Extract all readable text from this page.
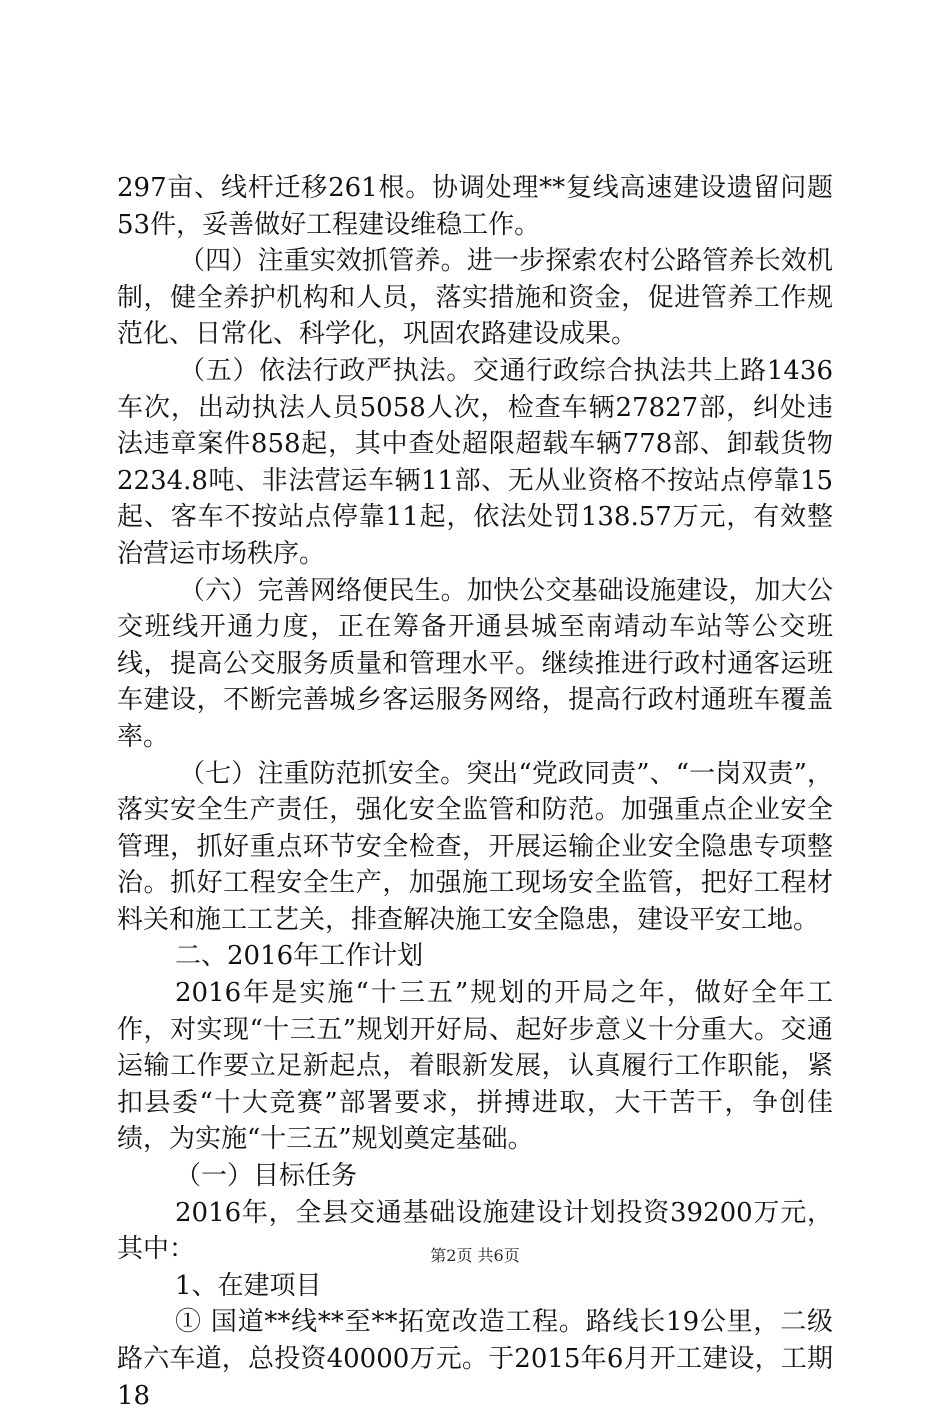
297亩、线杆迁移261根。协调处理**复线高速建设遗留问题53件，妥善做好工程建设维稳工作。

（四）注重实效抓管养。进一步探索农村公路管养长效机制，健全养护机构和人员，落实措施和资金，促进管养工作规范化、日常化、科学化，巩固农路建设成果。

（五）依法行政严执法。交通行政综合执法共上路1436车次，出动执法人员5058人次，检查车辆27827部，纠处违法违章案件858起，其中查处超限超载车辆778部、卸载货物2234.8吨、非法营运车辆11部、无从业资格不按站点停靠15起、客车不按站点停靠11起，依法处罚138.57万元，有效整治营运市场秩序。

（六）完善网络便民生。加快公交基础设施建设，加大公交班线开通力度，正在筹备开通县城至南靖动车站等公交班线，提高公交服务质量和管理水平。继续推进行政村通客运班车建设，不断完善城乡客运服务网络，提高行政村通班车覆盖率。

（七）注重防范抓安全。突出“党政同责”、“一岗双责”，落实安全生产责任，强化安全监管和防范。加强重点企业安全管理，抓好重点环节安全检查，开展运输企业安全隐患专项整治。抓好工程安全生产，加强施工现场安全监管，把好工程材料关和施工工艺关，排查解决施工安全隐患，建设平安工地。

二、2016年工作计划

2016年是实施“十三五”规划的开局之年，做好全年工作，对实现“十三五”规划开好局、起好步意义十分重大。交通运输工作要立足新起点，着眼新发展，认真履行工作职能，紧扣县委“十大竞赛”部署要求，拼搏进取，大干苦干，争创佳绩，为实施“十三五”规划奠定基础。

（一）目标任务

2016年，全县交通基础设施建设计划投资39200万元，其中：

1、在建项目

① 国道**线**至**拓宽改造工程。路线长19公里，二级路六车道，总投资40000万元。于2015年6月开工建设，工期18

第2页 共6页
